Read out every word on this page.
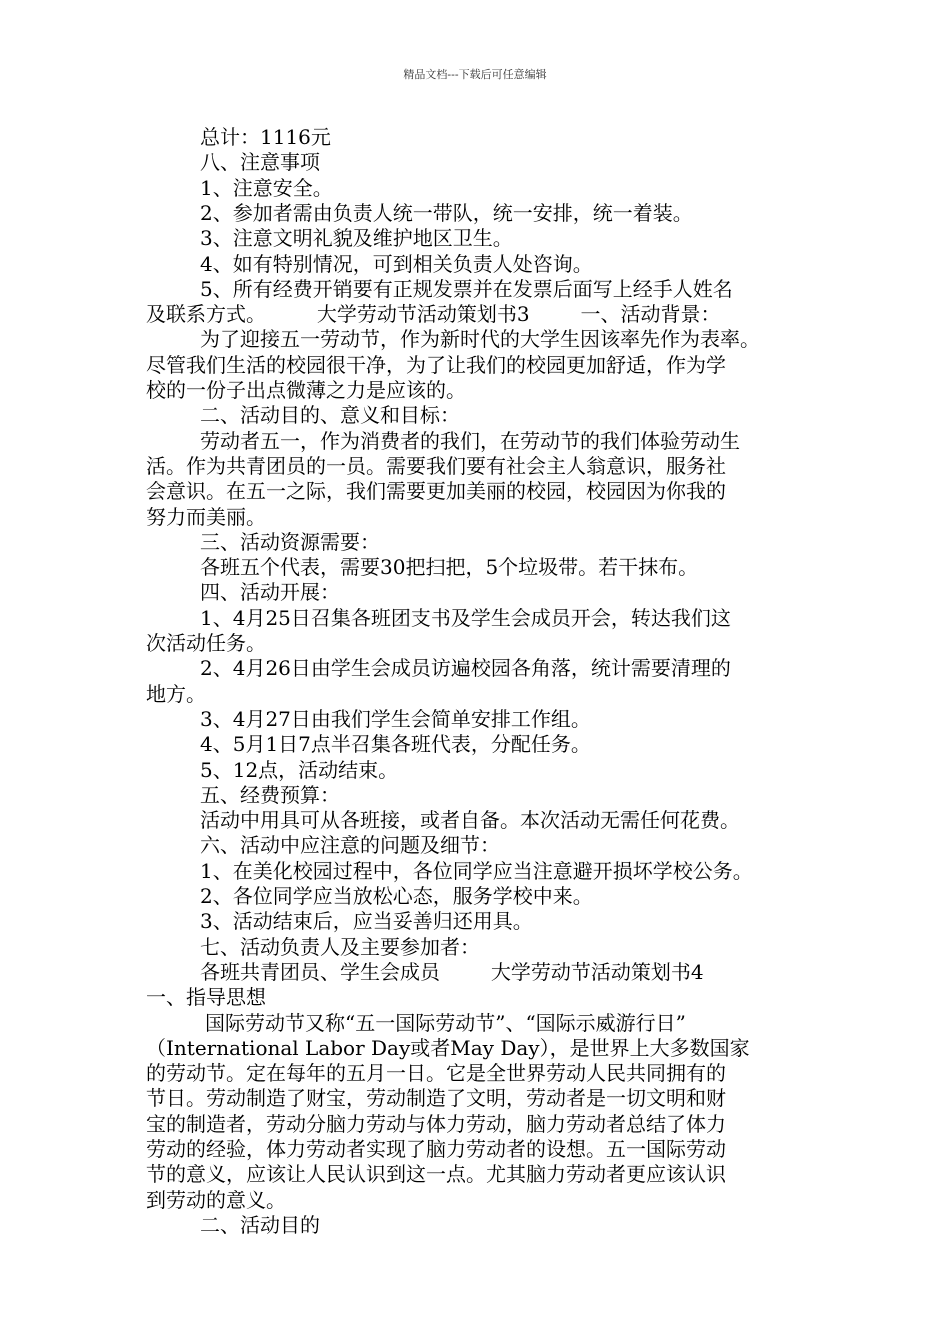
精品文档---下载后可任意编辑
总计：1116元
八、注意事项
1、注意安全。
2、参加者需由负责人统一带队，统一安排，统一着装。
3、注意文明礼貌及维护地区卫生。
4、如有特别情况，可到相关负责人处咨询。
5、所有经费开销要有正规发票并在发票后面写上经手人姓名
及联系方式。        大学劳动节活动策划书3        一、活动背景：
为了迎接五一劳动节，作为新时代的大学生因该率先作为表率。
尽管我们生活的校园很干净，为了让我们的校园更加舒适，作为学
校的一份子出点微薄之力是应该的。
二、活动目的、意义和目标：
劳动者五一，作为消费者的我们，在劳动节的我们体验劳动生
活。作为共青团员的一员。需要我们要有社会主人翁意识，服务社
会意识。在五一之际，我们需要更加美丽的校园，校园因为你我的
努力而美丽。
三、活动资源需要：
各班五个代表，需要30把扫把，5个垃圾带。若干抹布。
四、活动开展：
1、4月25日召集各班团支书及学生会成员开会，转达我们这
次活动任务。
2、4月26日由学生会成员访遍校园各角落，统计需要清理的
地方。
3、4月27日由我们学生会简单安排工作组。
4、5月1日7点半召集各班代表，分配任务。
5、12点，活动结束。
五、经费预算：
活动中用具可从各班接，或者自备。本次活动无需任何花费。
六、活动中应注意的问题及细节：
1、在美化校园过程中，各位同学应当注意避开损坏学校公务。
2、各位同学应当放松心态，服务学校中来。
3、活动结束后，应当妥善归还用具。
七、活动负责人及主要参加者：
各班共青团员、学生会成员        大学劳动节活动策划书4
一、指导思想
国际劳动节又称“五一国际劳动节”、“国际示威游行日”
（International Labor Day或者May Day），是世界上大多数国家
的劳动节。定在每年的五月一日。它是全世界劳动人民共同拥有的
节日。劳动制造了财宝，劳动制造了文明，劳动者是一切文明和财
宝的制造者，劳动分脑力劳动与体力劳动，脑力劳动者总结了体力
劳动的经验，体力劳动者实现了脑力劳动者的设想。五一国际劳动
节的意义，应该让人民认识到这一点。尤其脑力劳动者更应该认识
到劳动的意义。
二、活动目的
